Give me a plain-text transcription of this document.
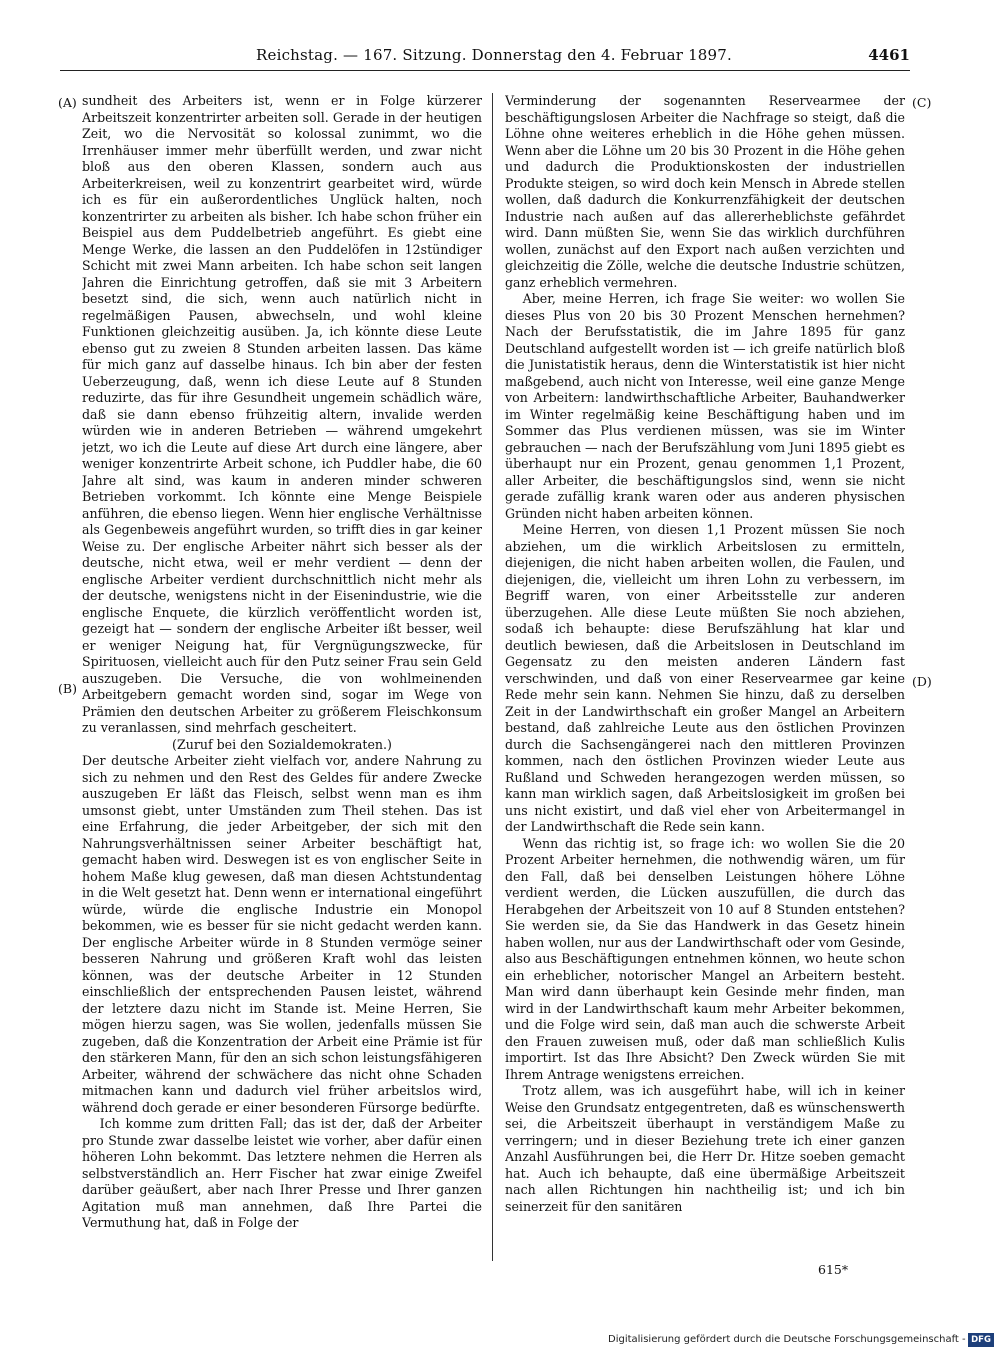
Reichstag. — 167. Sitzung. Donnerstag den 4. Februar 1897.	4461
(A)
(B)
(C)
(D)

sundheit des Arbeiters ist, wenn er in Folge kürzerer Arbeitszeit konzentrirter arbeiten soll. Gerade in der heutigen Zeit, wo die Nervosität so kolossal zunimmt, wo die Irrenhäuser immer mehr überfüllt werden, und zwar nicht bloß aus den oberen Klassen, sondern auch aus Arbeiterkreisen, weil zu konzentrirt gearbeitet wird, würde ich es für ein außerordentliches Unglück halten, noch konzentrirter zu arbeiten als bisher. Ich habe schon früher ein Beispiel aus dem Puddelbetrieb angeführt. Es giebt eine Menge Werke, die lassen an den Puddelöfen in 12stündiger Schicht mit zwei Mann arbeiten. Ich habe schon seit langen Jahren die Einrichtung getroffen, daß sie mit 3 Arbeitern besetzt sind, die sich, wenn auch natürlich nicht in regelmäßigen Pausen, abwechseln, und wohl kleine Funktionen gleichzeitig ausüben. Ja, ich könnte diese Leute ebenso gut zu zweien 8 Stunden arbeiten lassen. Das käme für mich ganz auf dasselbe hinaus. Ich bin aber der festen Ueberzeugung, daß, wenn ich diese Leute auf 8 Stunden reduzirte, das für ihre Gesundheit ungemein schädlich wäre, daß sie dann ebenso frühzeitig altern, invalide werden würden wie in anderen Betrieben — während umgekehrt jetzt, wo ich die Leute auf diese Art durch eine längere, aber weniger konzentrirte Arbeit schone, ich Puddler habe, die 60 Jahre alt sind, was kaum in anderen minder schweren Betrieben vorkommt. Ich könnte eine Menge Beispiele anführen, die ebenso liegen. Wenn hier englische Verhältnisse als Gegenbeweis angeführt wurden, so trifft dies in gar keiner Weise zu. Der englische Arbeiter nährt sich besser als der deutsche, nicht etwa, weil er mehr verdient — denn der englische Arbeiter verdient durchschnittlich nicht mehr als der deutsche, wenigstens nicht in der Eisenindustrie, wie die englische Enquete, die kürzlich veröffentlicht worden ist, gezeigt hat — sondern der englische Arbeiter ißt besser, weil er weniger Neigung hat, für Vergnügungszwecke, für Spirituosen, vielleicht auch für den Putz seiner Frau sein Geld auszugeben. Die Versuche, die von wohlmeinenden Arbeitgebern gemacht worden sind, sogar im Wege von Prämien den deutschen Arbeiter zu größerem Fleischkonsum zu veranlassen, sind mehrfach gescheitert.

(Zuruf bei den Sozialdemokraten.)

Der deutsche Arbeiter zieht vielfach vor, andere Nahrung zu sich zu nehmen und den Rest des Geldes für andere Zwecke auszugeben Er läßt das Fleisch, selbst wenn man es ihm umsonst giebt, unter Umständen zum Theil stehen. Das ist eine Erfahrung, die jeder Arbeitgeber, der sich mit den Nahrungsverhältnissen seiner Arbeiter beschäftigt hat, gemacht haben wird. Deswegen ist es von englischer Seite in hohem Maße klug gewesen, daß man diesen Achtstundentag in die Welt gesetzt hat. Denn wenn er international eingeführt würde, würde die englische Industrie ein Monopol bekommen, wie es besser für sie nicht gedacht werden kann. Der englische Arbeiter würde in 8 Stunden vermöge seiner besseren Nahrung und größeren Kraft wohl das leisten können, was der deutsche Arbeiter in 12 Stunden einschließlich der entsprechenden Pausen leistet, während der letztere dazu nicht im Stande ist. Meine Herren, Sie mögen hierzu sagen, was Sie wollen, jedenfalls müssen Sie zugeben, daß die Konzentration der Arbeit eine Prämie ist für den stärkeren Mann, für den an sich schon leistungsfähigeren Arbeiter, während der schwächere das nicht ohne Schaden mitmachen kann und dadurch viel früher arbeitslos wird, während doch gerade er einer besonderen Fürsorge bedürfte.

Ich komme zum dritten Fall; das ist der, daß der Arbeiter pro Stunde zwar dasselbe leistet wie vorher, aber dafür einen höheren Lohn bekommt. Das letztere nehmen die Herren als selbstverständlich an. Herr Fischer hat zwar einige Zweifel darüber geäußert, aber nach Ihrer Presse und Ihrer ganzen Agitation muß man annehmen, daß Ihre Partei die Vermuthung hat, daß in Folge der

Verminderung der sogenannten Reservearmee der beschäftigungslosen Arbeiter die Nachfrage so steigt, daß die Löhne ohne weiteres erheblich in die Höhe gehen müssen. Wenn aber die Löhne um 20 bis 30 Prozent in die Höhe gehen und dadurch die Produktionskosten der industriellen Produkte steigen, so wird doch kein Mensch in Abrede stellen wollen, daß dadurch die Konkurrenzfähigkeit der deutschen Industrie nach außen auf das allererheblichste gefährdet wird. Dann müßten Sie, wenn Sie das wirklich durchführen wollen, zunächst auf den Export nach außen verzichten und gleichzeitig die Zölle, welche die deutsche Industrie schützen, ganz erheblich vermehren.

Aber, meine Herren, ich frage Sie weiter: wo wollen Sie dieses Plus von 20 bis 30 Prozent Menschen hernehmen? Nach der Berufsstatistik, die im Jahre 1895 für ganz Deutschland aufgestellt worden ist — ich greife natürlich bloß die Junistatistik heraus, denn die Winterstatistik ist hier nicht maßgebend, auch nicht von Interesse, weil eine ganze Menge von Arbeitern: landwirthschaftliche Arbeiter, Bauhandwerker im Winter regelmäßig keine Beschäftigung haben und im Sommer das Plus verdienen müssen, was sie im Winter gebrauchen — nach der Berufszählung vom Juni 1895 giebt es überhaupt nur ein Prozent, genau genommen 1,1 Prozent, aller Arbeiter, die beschäftigungslos sind, wenn sie nicht gerade zufällig krank waren oder aus anderen physischen Gründen nicht haben arbeiten können.

Meine Herren, von diesen 1,1 Prozent müssen Sie noch abziehen, um die wirklich Arbeitslosen zu ermitteln, diejenigen, die nicht haben arbeiten wollen, die Faulen, und diejenigen, die, vielleicht um ihren Lohn zu verbessern, im Begriff waren, von einer Arbeitsstelle zur anderen überzugehen. Alle diese Leute müßten Sie noch abziehen, sodaß ich behaupte: diese Berufszählung hat klar und deutlich bewiesen, daß die Arbeitslosen in Deutschland im Gegensatz zu den meisten anderen Ländern fast verschwinden, und daß von einer Reservearmee gar keine Rede mehr sein kann. Nehmen Sie hinzu, daß zu derselben Zeit in der Landwirthschaft ein großer Mangel an Arbeitern bestand, daß zahlreiche Leute aus den östlichen Provinzen durch die Sachsengängerei nach den mittleren Provinzen kommen, nach den östlichen Provinzen wieder Leute aus Rußland und Schweden herangezogen werden müssen, so kann man wirklich sagen, daß Arbeitslosigkeit im großen bei uns nicht existirt, und daß viel eher von Arbeitermangel in der Landwirthschaft die Rede sein kann.

Wenn das richtig ist, so frage ich: wo wollen Sie die 20 Prozent Arbeiter hernehmen, die nothwendig wären, um für den Fall, daß bei denselben Leistungen höhere Löhne verdient werden, die Lücken auszufüllen, die durch das Herabgehen der Arbeitszeit von 10 auf 8 Stunden entstehen? Sie werden sie, da Sie das Handwerk in das Gesetz hinein haben wollen, nur aus der Landwirthschaft oder vom Gesinde, also aus Beschäftigungen entnehmen können, wo heute schon ein erheblicher, notorischer Mangel an Arbeitern besteht. Man wird dann überhaupt kein Gesinde mehr finden, man wird in der Landwirthschaft kaum mehr Arbeiter bekommen, und die Folge wird sein, daß man auch die schwerste Arbeit den Frauen zuweisen muß, oder daß man schließlich Kulis importirt. Ist das Ihre Absicht? Den Zweck würden Sie mit Ihrem Antrage wenigstens erreichen.

Trotz allem, was ich ausgeführt habe, will ich in keiner Weise den Grundsatz entgegentreten, daß es wünschenswerth sei, die Arbeitszeit überhaupt in verständigem Maße zu verringern; und in dieser Beziehung trete ich einer ganzen Anzahl Ausführungen bei, die Herr Dr. Hitze soeben gemacht hat. Auch ich behaupte, daß eine übermäßige Arbeitszeit nach allen Richtungen hin nachtheilig ist; und ich bin seinerzeit für den sanitären

615*
Digitalisierung gefördert durch die Deutsche Forschungsgemeinschaft - DFG
